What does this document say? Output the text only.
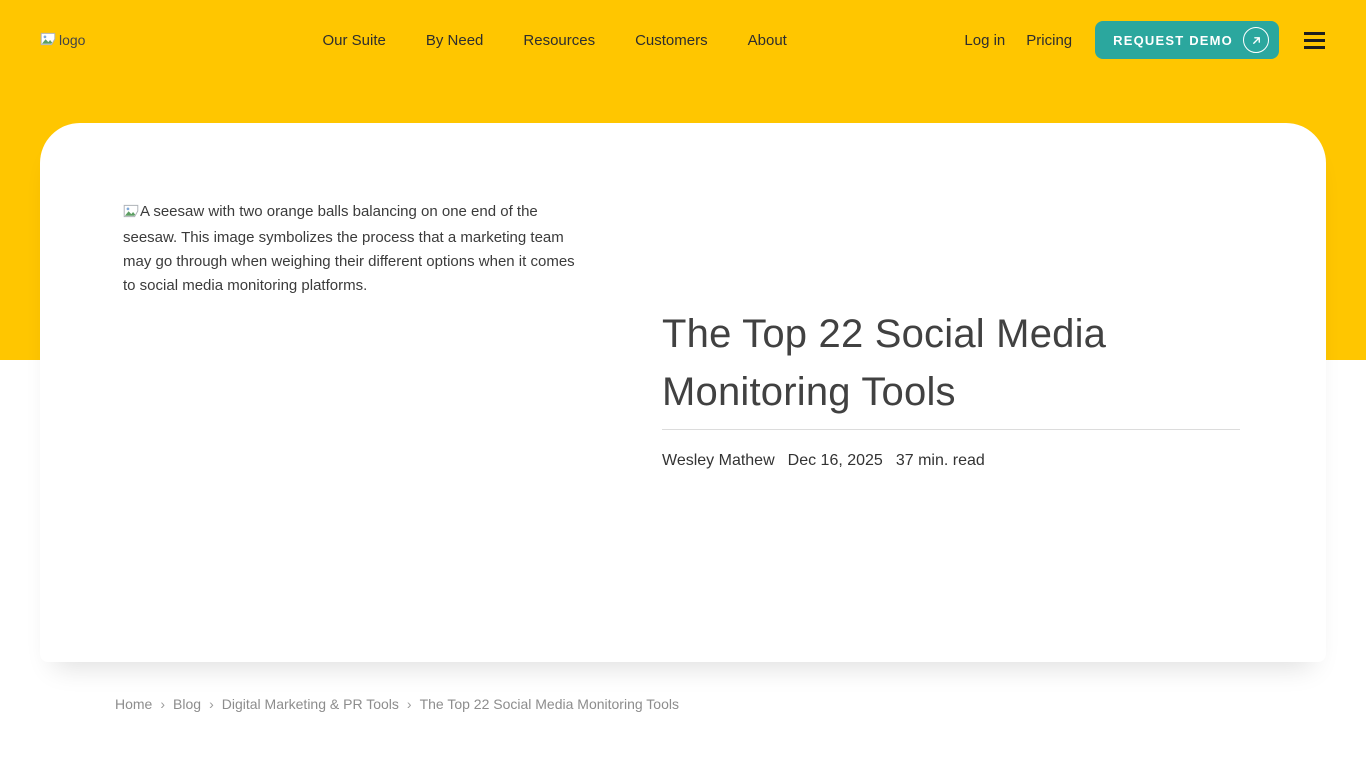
logo	Our Suite	By Need	Resources	Customers	About	Log in Pricing	REQUEST DEMO
A seesaw with two orange balls balancing on one end of the seesaw. This image symbolizes the process that a marketing team may go through when weighing their different options when it comes to social media monitoring platforms.
The Top 22 Social Media Monitoring Tools
Wesley Mathew Dec 16, 2025 37 min. read
Home › Blog › Digital Marketing & PR Tools › The Top 22 Social Media Monitoring Tools
